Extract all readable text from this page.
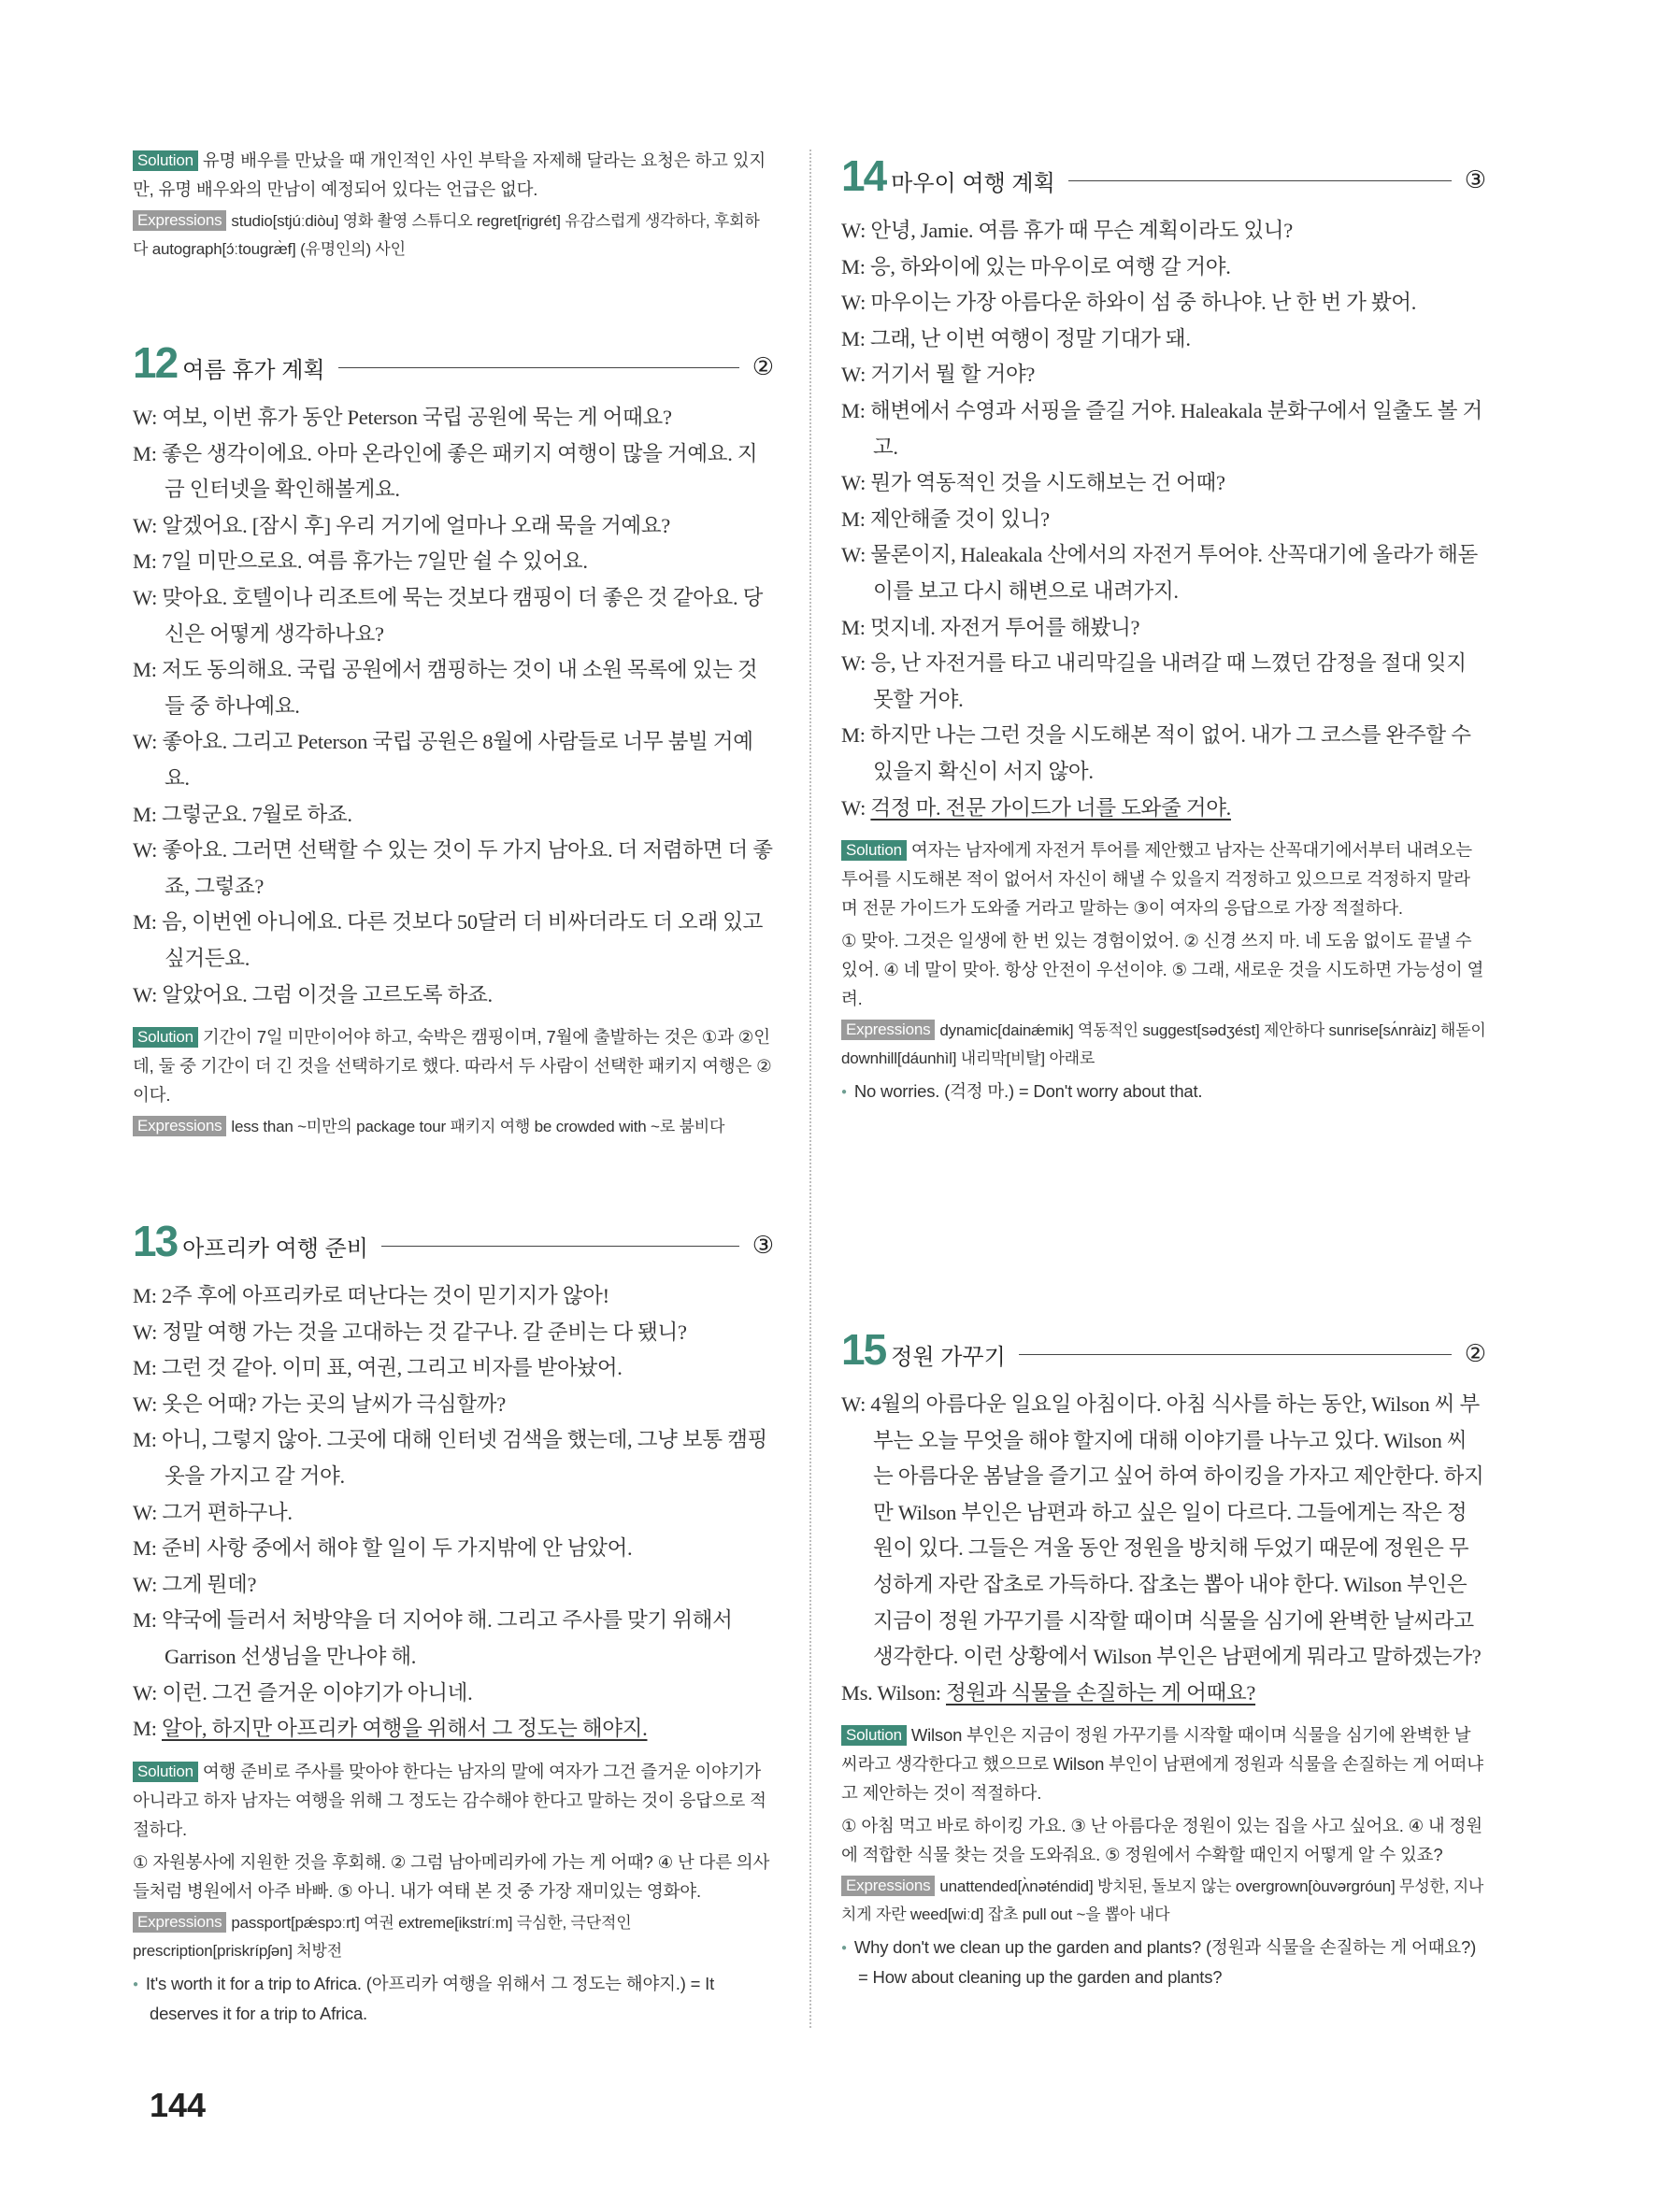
Solution 유명 배우를 만났을 때 개인적인 사인 부탁을 자제해 달라는 요청은 하고 있지만, 유명 배우와의 만남이 예정되어 있다는 언급은 없다.

Expressions studio[stjúːdiòu] 영화 촬영 스튜디오 regret[rigrét] 유감스럽게 생각하다, 후회하다 autograph[ɔ́ːtougræ̀f] (유명인의) 사인

12 여름 휴가 계획	②

W: 여보, 이번 휴가 동안 Peterson 국립 공원에 묵는 게 어때요?

M: 좋은 생각이에요. 아마 온라인에 좋은 패키지 여행이 많을 거예요. 지금 인터넷을 확인해볼게요.

W: 알겠어요. [잠시 후] 우리 거기에 얼마나 오래 묵을 거예요?

M: 7일 미만으로요. 여름 휴가는 7일만 쉴 수 있어요.

W: 맞아요. 호텔이나 리조트에 묵는 것보다 캠핑이 더 좋은 것 같아요. 당신은 어떻게 생각하나요?

M: 저도 동의해요. 국립 공원에서 캠핑하는 것이 내 소원 목록에 있는 것들 중 하나예요.

W: 좋아요. 그리고 Peterson 국립 공원은 8월에 사람들로 너무 붐빌 거예요.

M: 그렇군요. 7월로 하죠.

W: 좋아요. 그러면 선택할 수 있는 것이 두 가지 남아요. 더 저렴하면 더 좋죠, 그렇죠?

M: 음, 이번엔 아니에요. 다른 것보다 50달러 더 비싸더라도 더 오래 있고 싶거든요.

W: 알았어요. 그럼 이것을 고르도록 하죠.

Solution 기간이 7일 미만이어야 하고, 숙박은 캠핑이며, 7월에 출발하는 것은 ①과 ②인데, 둘 중 기간이 더 긴 것을 선택하기로 했다. 따라서 두 사람이 선택한 패키지 여행은 ②이다.

Expressions less than ~미만의 package tour 패키지 여행 be crowded with ~로 붐비다

13 아프리카 여행 준비	③

M: 2주 후에 아프리카로 떠난다는 것이 믿기지가 않아!

W: 정말 여행 가는 것을 고대하는 것 같구나. 갈 준비는 다 됐니?

M: 그런 것 같아. 이미 표, 여권, 그리고 비자를 받아놨어.

W: 옷은 어때? 가는 곳의 날씨가 극심할까?

M: 아니, 그렇지 않아. 그곳에 대해 인터넷 검색을 했는데, 그냥 보통 캠핑 옷을 가지고 갈 거야.

W: 그거 편하구나.

M: 준비 사항 중에서 해야 할 일이 두 가지밖에 안 남았어.

W: 그게 뭔데?

M: 약국에 들러서 처방약을 더 지어야 해. 그리고 주사를 맞기 위해서 Garrison 선생님을 만나야 해.

W: 이런. 그건 즐거운 이야기가 아니네.

M: 알아, 하지만 아프리카 여행을 위해서 그 정도는 해야지.

Solution 여행 준비로 주사를 맞아야 한다는 남자의 말에 여자가 그건 즐거운 이야기가 아니라고 하자 남자는 여행을 위해 그 정도는 감수해야 한다고 말하는 것이 응답으로 적절하다.

① 자원봉사에 지원한 것을 후회해. ② 그럼 남아메리카에 가는 게 어때? ④ 난 다른 의사들처럼 병원에서 아주 바빠. ⑤ 아니. 내가 여태 본 것 중 가장 재미있는 영화야.

Expressions passport[pǽspɔːrt] 여권 extreme[ikstríːm] 극심한, 극단적인 prescription[priskrípʃən] 처방전

● It's worth it for a trip to Africa. (아프리카 여행을 위해서 그 정도는 해야지.) = It deserves it for a trip to Africa.

14 마우이 여행 계획	③

W: 안녕, Jamie. 여름 휴가 때 무슨 계획이라도 있니?

M: 응, 하와이에 있는 마우이로 여행 갈 거야.

W: 마우이는 가장 아름다운 하와이 섬 중 하나야. 난 한 번 가 봤어.

M: 그래, 난 이번 여행이 정말 기대가 돼.

W: 거기서 뭘 할 거야?

M: 해변에서 수영과 서핑을 즐길 거야. Haleakala 분화구에서 일출도 볼 거고.

W: 뭔가 역동적인 것을 시도해보는 건 어때?

M: 제안해줄 것이 있니?

W: 물론이지, Haleakala 산에서의 자전거 투어야. 산꼭대기에 올라가 해돋이를 보고 다시 해변으로 내려가지.

M: 멋지네. 자전거 투어를 해봤니?

W: 응, 난 자전거를 타고 내리막길을 내려갈 때 느꼈던 감정을 절대 잊지 못할 거야.

M: 하지만 나는 그런 것을 시도해본 적이 없어. 내가 그 코스를 완주할 수 있을지 확신이 서지 않아.

W: 걱정 마. 전문 가이드가 너를 도와줄 거야.

Solution 여자는 남자에게 자전거 투어를 제안했고 남자는 산꼭대기에서부터 내려오는 투어를 시도해본 적이 없어서 자신이 해낼 수 있을지 걱정하고 있으므로 걱정하지 말라며 전문 가이드가 도와줄 거라고 말하는 ③이 여자의 응답으로 가장 적절하다.

① 맞아. 그것은 일생에 한 번 있는 경험이었어. ② 신경 쓰지 마. 네 도움 없이도 끝낼 수 있어. ④ 네 말이 맞아. 항상 안전이 우선이야. ⑤ 그래, 새로운 것을 시도하면 가능성이 열려.

Expressions dynamic[dainǽmik] 역동적인 suggest[sədʒést] 제안하다 sunrise[sʌ́nràiz] 해돋이 downhill[dáunhìl] 내리막[비탈] 아래로

● No worries. (걱정 마.) = Don't worry about that.

15 정원 가꾸기	②

W: 4월의 아름다운 일요일 아침이다. 아침 식사를 하는 동안, Wilson 씨 부부는 오늘 무엇을 해야 할지에 대해 이야기를 나누고 있다. Wilson 씨는 아름다운 봄날을 즐기고 싶어 하여 하이킹을 가자고 제안한다. 하지만 Wilson 부인은 남편과 하고 싶은 일이 다르다. 그들에게는 작은 정원이 있다. 그들은 겨울 동안 정원을 방치해 두었기 때문에 정원은 무성하게 자란 잡초로 가득하다. 잡초는 뽑아 내야 한다. Wilson 부인은 지금이 정원 가꾸기를 시작할 때이며 식물을 심기에 완벽한 날씨라고 생각한다. 이런 상황에서 Wilson 부인은 남편에게 뭐라고 말하겠는가?

Ms. Wilson: 정원과 식물을 손질하는 게 어때요?

Solution Wilson 부인은 지금이 정원 가꾸기를 시작할 때이며 식물을 심기에 완벽한 날씨라고 생각한다고 했으므로 Wilson 부인이 남편에게 정원과 식물을 손질하는 게 어떠냐고 제안하는 것이 적절하다.

① 아침 먹고 바로 하이킹 가요. ③ 난 아름다운 정원이 있는 집을 사고 싶어요. ④ 내 정원에 적합한 식물 찾는 것을 도와줘요. ⑤ 정원에서 수확할 때인지 어떻게 알 수 있죠?

Expressions unattended[ʌ̀nəténdid] 방치된, 돌보지 않는 overgrown[òuvərgróun] 무성한, 지나치게 자란 weed[wiːd] 잡초 pull out ~을 뽑아 내다

● Why don't we clean up the garden and plants? (정원과 식물을 손질하는 게 어때요?) = How about cleaning up the garden and plants?

144
